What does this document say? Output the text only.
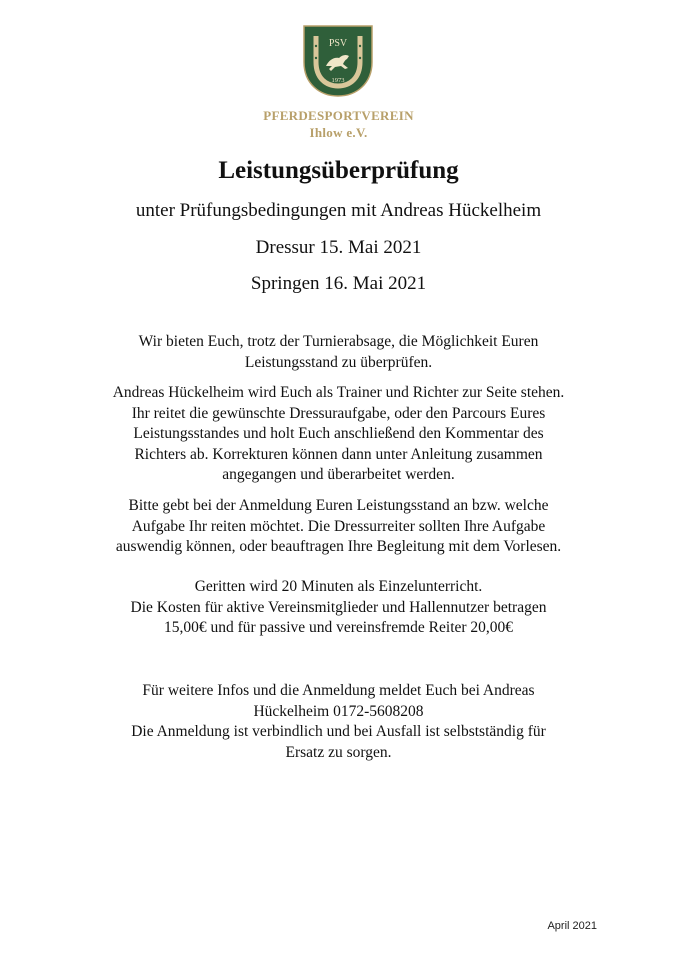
PSV
1973
PFERDESPORTVEREIN
Ihlow e.V.
Leistungsüberprüfung
unter Prüfungsbedingungen mit Andreas Hückelheim
Dressur 15. Mai 2021
Springen 16. Mai 2021

Wir bieten Euch, trotz der Turnierabsage, die Möglichkeit Euren
Leistungsstand zu überprüfen.

Andreas Hückelheim wird Euch als Trainer und Richter zur Seite stehen.
Ihr reitet die gewünschte Dressuraufgabe, oder den Parcours Eures
Leistungsstandes und holt Euch anschließend den Kommentar des
Richters ab. Korrekturen können dann unter Anleitung zusammen
angegangen und überarbeitet werden.

Bitte gebt bei der Anmeldung Euren Leistungsstand an bzw. welche
Aufgabe Ihr reiten möchtet. Die Dressurreiter sollten Ihre Aufgabe
auswendig können, oder beauftragen Ihre Begleitung mit dem Vorlesen.

Geritten wird 20 Minuten als Einzelunterricht.
Die Kosten für aktive Vereinsmitglieder und Hallennutzer betragen
15,00€ und für passive und vereinsfremde Reiter 20,00€

Für weitere Infos und die Anmeldung meldet Euch bei Andreas
Hückelheim 0172-5608208
Die Anmeldung ist verbindlich und bei Ausfall ist selbstständig für
Ersatz zu sorgen.

April 2021
